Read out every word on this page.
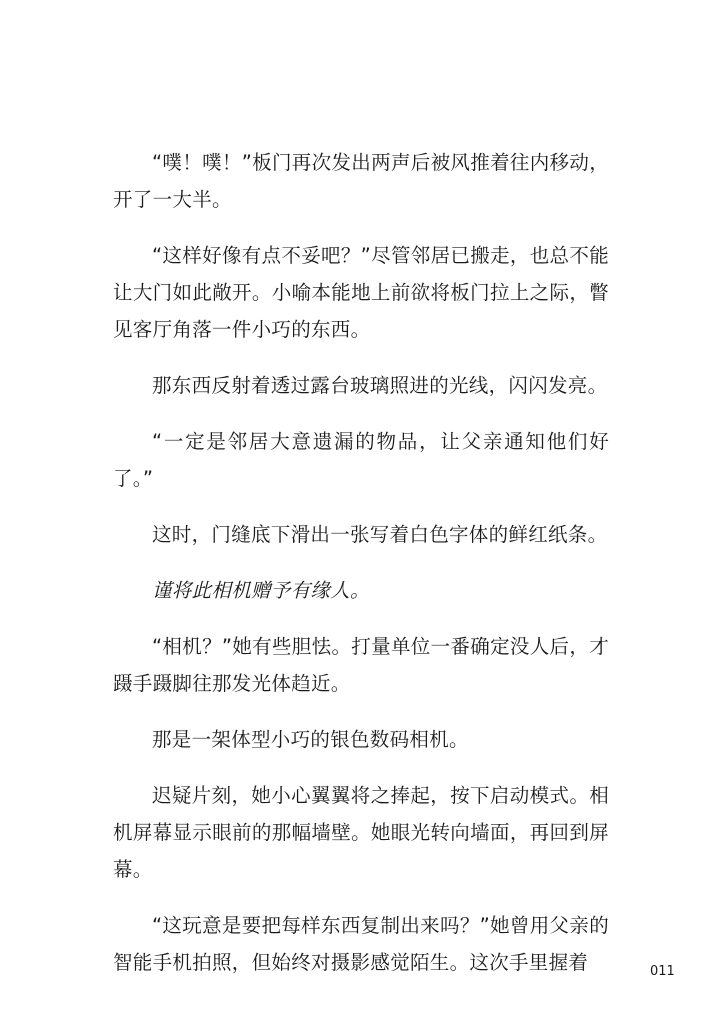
“噗！噗！”板门再次发出两声后被风推着往内移动，开了一大半。

“这样好像有点不妥吧？”尽管邻居已搬走，也总不能让大门如此敞开。小喻本能地上前欲将板门拉上之际，瞥见客厅角落一件小巧的东西。

那东西反射着透过露台玻璃照进的光线，闪闪发亮。

“一定是邻居大意遗漏的物品，让父亲通知他们好了。”

这时，门缝底下滑出一张写着白色字体的鲜红纸条。

谨将此相机赠予有缘人。

“相机？”她有些胆怯。打量单位一番确定没人后，才蹑手蹑脚往那发光体趋近。

那是一架体型小巧的银色数码相机。

迟疑片刻，她小心翼翼将之捧起，按下启动模式。相机屏幕显示眼前的那幅墙壁。她眼光转向墙面，再回到屏幕。

“这玩意是要把每样东西复制出来吗？”她曾用父亲的智能手机拍照，但始终对摄影感觉陌生。这次手里握着	011
